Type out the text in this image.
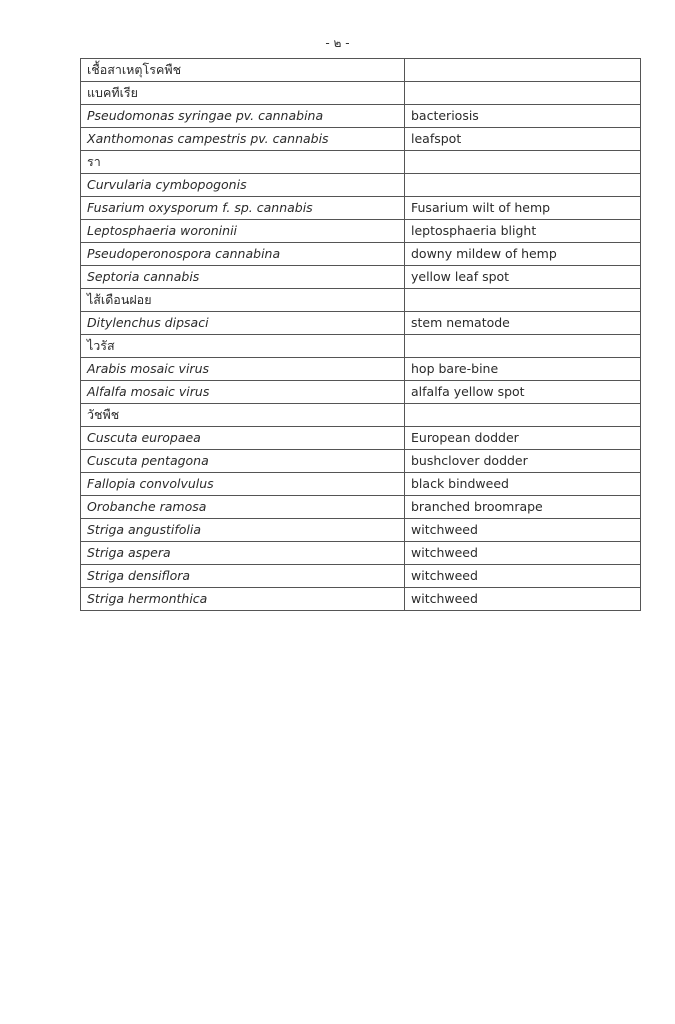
- ๒ -
เชื้อสาเหตุโรคพืช	
แบคทีเรีย	
Pseudomonas syringae pv. cannabina	bacteriosis
Xanthomonas campestris pv. cannabis	leafspot
รา	
Curvularia cymbopogonis	
Fusarium oxysporum f. sp. cannabis	Fusarium wilt of hemp
Leptosphaeria woroninii	leptosphaeria blight
Pseudoperonospora cannabina	downy mildew of hemp
Septoria cannabis	yellow leaf spot
ไส้เดือนฝอย	
Ditylenchus dipsaci	stem nematode
ไวรัส	
Arabis mosaic virus	hop bare-bine
Alfalfa mosaic virus	alfalfa yellow spot
วัชพืช	
Cuscuta europaea	European dodder
Cuscuta pentagona	bushclover dodder
Fallopia convolvulus	black bindweed
Orobanche ramosa	branched broomrape
Striga angustifolia	witchweed
Striga aspera	witchweed
Striga densiflora	witchweed
Striga hermonthica	witchweed
